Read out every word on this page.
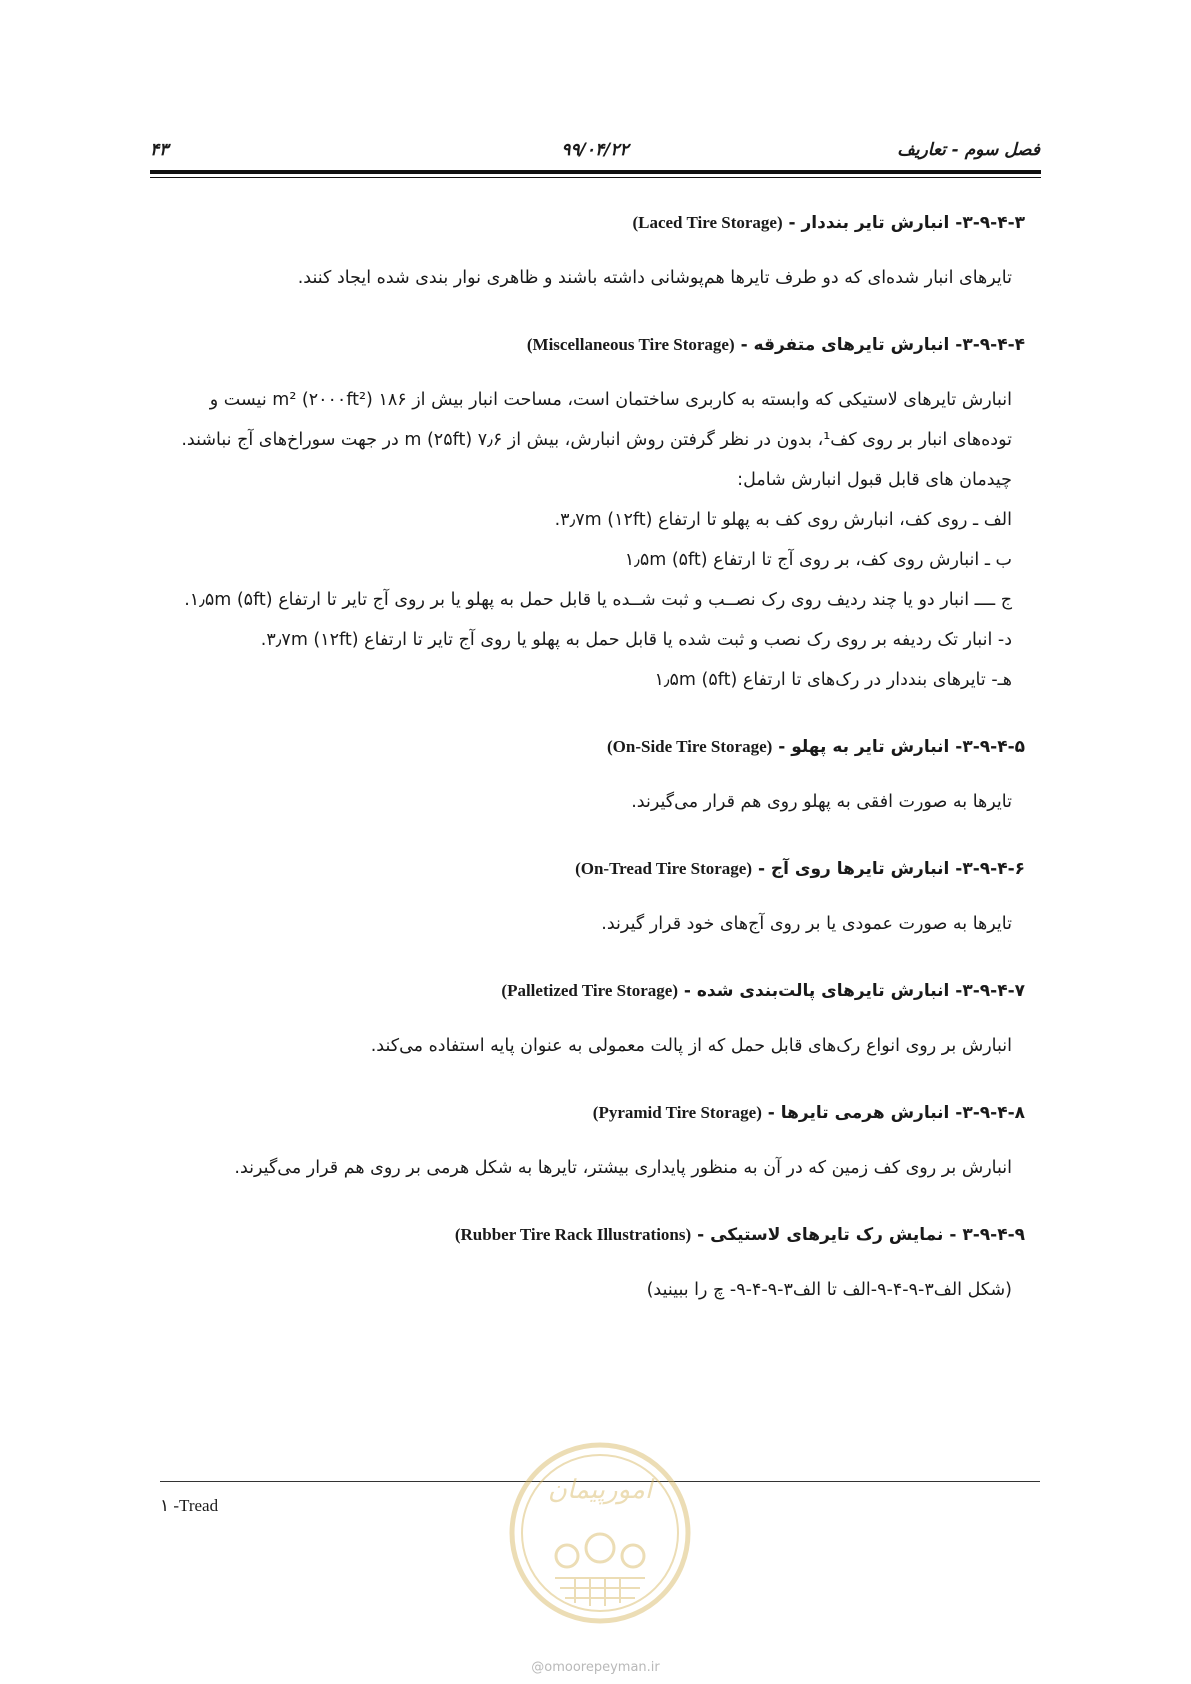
فصل سوم - تعاریف
۹۹/۰۴/۲۲
۴۳
۳-۹-۴-۳- انبارش تایر بنددار - (Laced Tire Storage)

تایرهای انبار شده‌ای که دو طرف تایرها هم‌پوشانی داشته باشند و ظاهری نوار بندی شده ایجاد کنند.

۳-۹-۴-۴- انبارش تایرهای متفرقه - (Miscellaneous Tire Storage)

انبارش تایرهای لاستیکی که وابسته به کاربری ساختمان است، مساحت انبار بیش از ۱۸۶ m² (۲۰۰۰ft²) نیست و توده‌های انبار بر روی کف¹، بدون در نظر گرفتن روش انبارش، بیش از ۷٫۶ m (۲۵ft) در جهت سوراخ‌های آج نباشند. چیدمان های قابل قبول انبارش شامل:

الف ـ روی کف، انبارش روی کف به پهلو تا ارتفاع ۳٫۷m (۱۲ft).
ب ـ انبارش روی کف، بر روی آج تا ارتفاع ۱٫۵m (۵ft)
ج ــــ انبار دو یا چند ردیف روی رک نصــب و ثبت شــده یا قابل حمل به پهلو یا بر روی آج تایر تا ارتفاع ۱٫۵m (۵ft).
د- انبار تک ردیفه بر روی رک نصب و ثبت شده یا قابل حمل به پهلو یا روی آج تایر تا ارتفاع ۳٫۷m (۱۲ft).
هـ- تایرهای بنددار در رک‌های تا ارتفاع ۱٫۵m (۵ft)
۳-۹-۴-۵- انبارش تایر به پهلو - (On-Side Tire Storage)

تایرها به صورت افقی به پهلو روی هم قرار می‌گیرند.

۳-۹-۴-۶- انبارش تایرها روی آج - (On-Tread Tire Storage)

تایرها به صورت عمودی یا بر روی آج‌های خود قرار گیرند.

۳-۹-۴-۷- انبارش تایرهای پالت‌بندی شده - (Palletized Tire Storage)

انبارش بر روی انواع رک‌های قابل حمل که از پالت معمولی به عنوان پایه استفاده می‌کند.

۳-۹-۴-۸- انبارش هرمی تایرها - (Pyramid Tire Storage)

انبارش بر روی کف زمین که در آن به منظور پایداری بیشتر، تایرها به شکل هرمی بر روی هم قرار می‌گیرند.

۳-۹-۴-۹ - نمایش رک تایرهای لاستیکی - (Rubber Tire Rack Illustrations)

(شکل الف۳-۹-۴-۹-الف تا الف۳-۹-۴-۹- چ را ببینید)

۱ -Tread
امورپیمان
@omoorepeyman.ir
